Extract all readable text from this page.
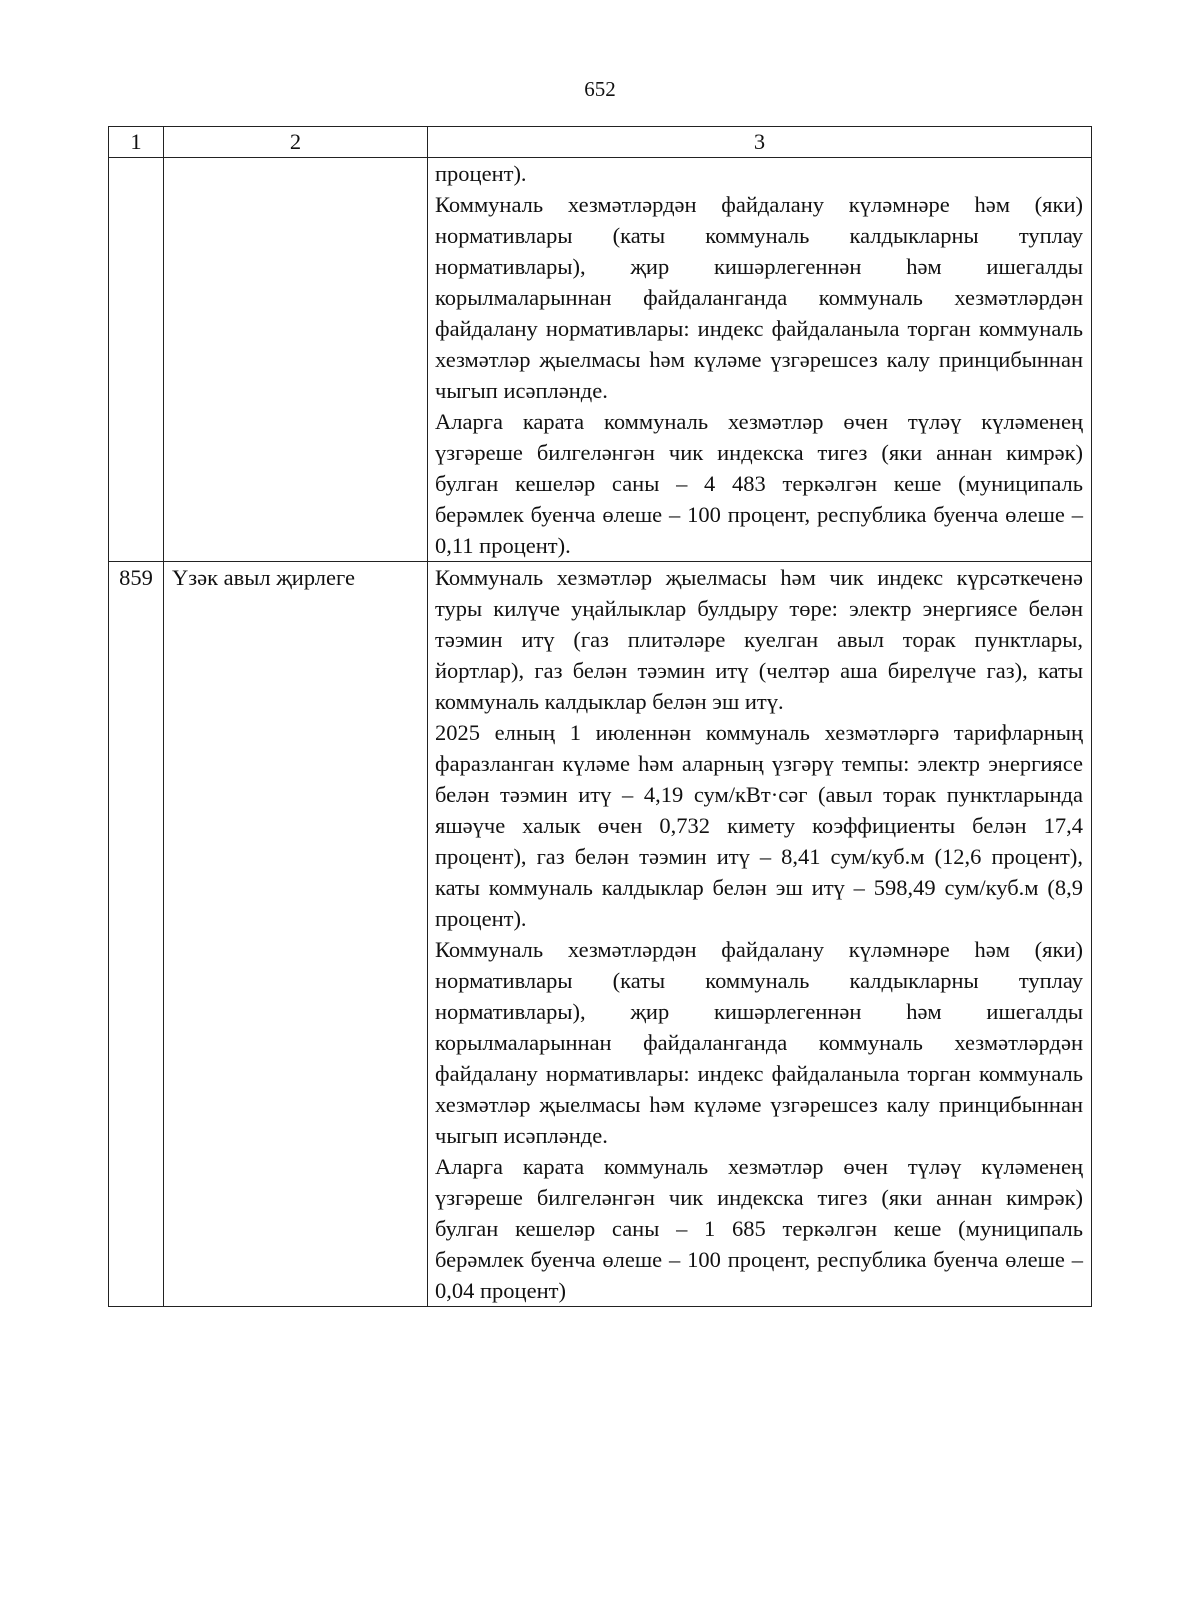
652
1	2	3

		процент).

Коммуналь хезмәтләрдән файдалану күләмнәре һәм (яки) нормативлары (каты коммуналь калдыкларны туплау нормативлары), җир кишәрлегеннән һәм ишегалды корылмаларыннан файдаланганда коммуналь хезмәтләрдән файдалану нормативлары: индекс файдаланыла торган коммуналь хезмәтләр җыелмасы һәм күләме үзгәрешсез калу принцибыннан чыгып исәпләнде.

Аларга карата коммуналь хезмәтләр өчен түләү күләменең үзгәреше билгеләнгән чик индекска тигез (яки аннан кимрәк) булган кешеләр саны – 4 483 теркәлгән кеше (муниципаль берәмлек буенча өлеше – 100 процент, республика буенча өлеше – 0,11 процент).

859	Үзәк авыл җирлеге	Коммуналь хезмәтләр җыелмасы һәм чик индекс күрсәткеченә туры килүче уңайлыклар булдыру төре: электр энергиясе белән тәэмин итү (газ плитәләре куелган авыл торак пунктлары, йортлар), газ белән тәэмин итү (челтәр аша бирелүче газ), каты коммуналь калдыклар белән эш итү.

2025 елның 1 июленнән коммуналь хезмәтләргә тарифларның фаразланган күләме һәм аларның үзгәрү темпы: электр энергиясе белән тәэмин итү – 4,19 сум/кВт·сәг (авыл торак пунктларында яшәүче халык өчен 0,732 кимету коэффициенты белән 17,4 процент), газ белән тәэмин итү – 8,41 сум/куб.м (12,6 процент), каты коммуналь калдыклар белән эш итү – 598,49 сум/куб.м (8,9 процент).

Коммуналь хезмәтләрдән файдалану күләмнәре һәм (яки) нормативлары (каты коммуналь калдыкларны туплау нормативлары), җир кишәрлегеннән һәм ишегалды корылмаларыннан файдаланганда коммуналь хезмәтләрдән файдалану нормативлары: индекс файдаланыла торган коммуналь хезмәтләр җыелмасы һәм күләме үзгәрешсез калу принцибыннан чыгып исәпләнде.

Аларга карата коммуналь хезмәтләр өчен түләү күләменең үзгәреше билгеләнгән чик индекска тигез (яки аннан кимрәк) булган кешеләр саны – 1 685 теркәлгән кеше (муниципаль берәмлек буенча өлеше – 100 процент, республика буенча өлеше – 0,04 процент)
